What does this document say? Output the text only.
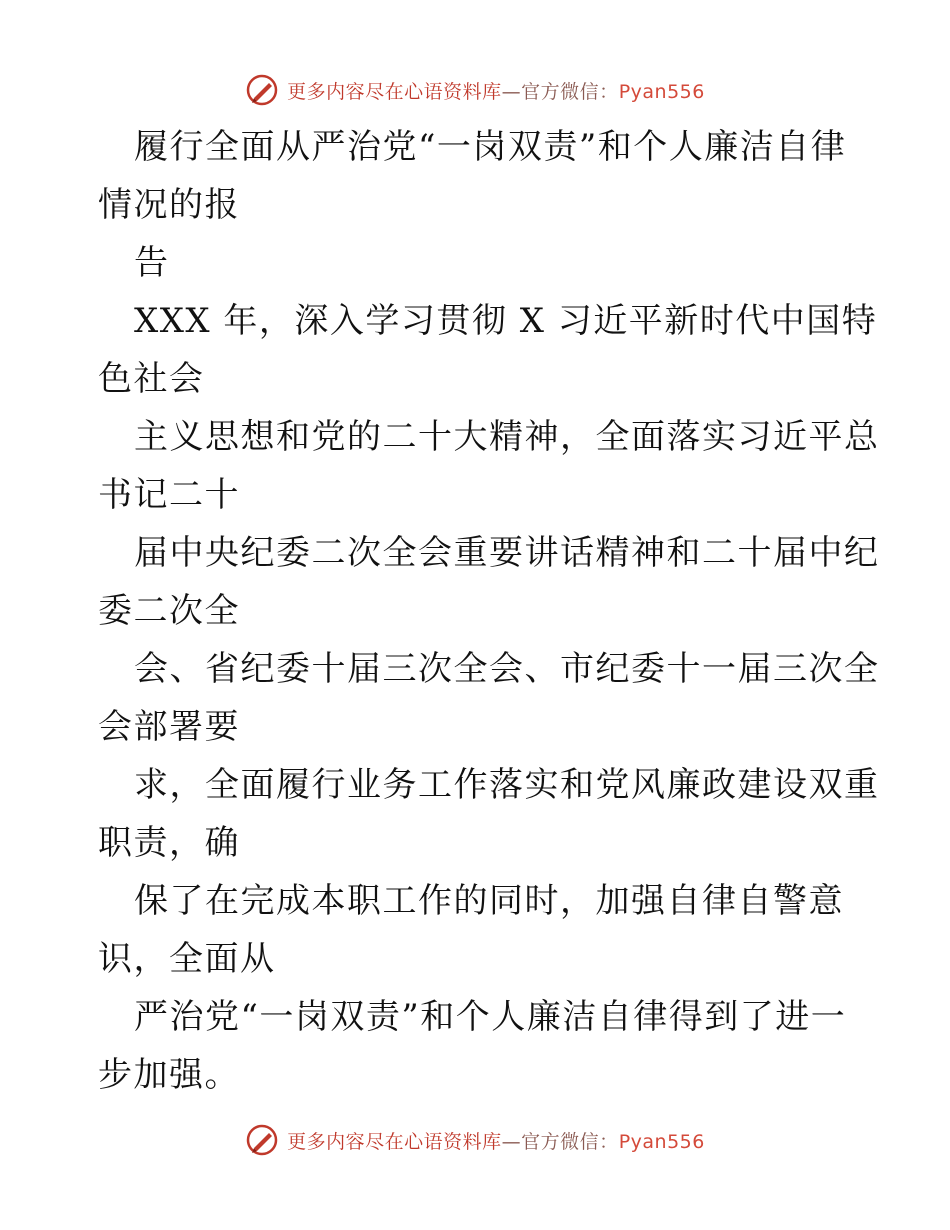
更多内容尽在心语资料库—官方微信：Pyan556
履行全面从严治党“一岗双责”和个人廉洁自律
情况的报
告
XXX 年，深入学习贯彻 X 习近平新时代中国特
色社会
主义思想和党的二十大精神，全面落实习近平总
书记二十
届中央纪委二次全会重要讲话精神和二十届中纪
委二次全
会、省纪委十届三次全会、市纪委十一届三次全
会部署要
求，全面履行业务工作落实和党风廉政建设双重
职责，确
保了在完成本职工作的同时，加强自律自警意
识，全面从
严治党“一岗双责”和个人廉洁自律得到了进一
步加强。
更多内容尽在心语资料库—官方微信：Pyan556
